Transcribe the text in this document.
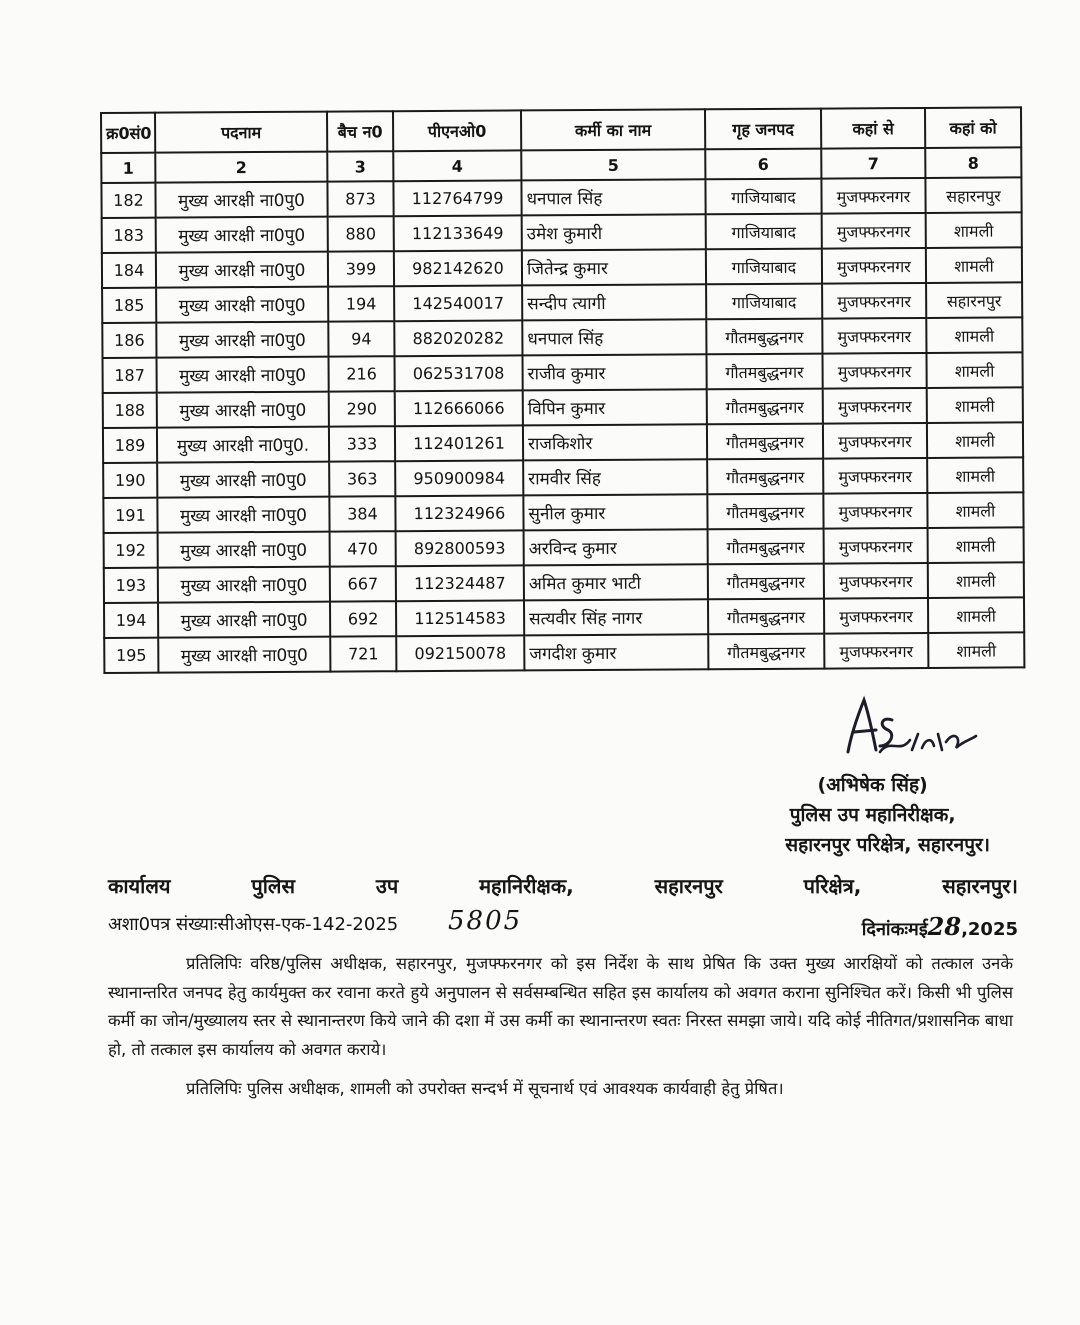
क्र0सं0	पदनाम	बैच न0	पीएनओ0	कर्मी का नाम	गृह जनपद	कहां से	कहां को
1	2	3	4	5	6	7	8
182	मुख्य आरक्षी ना0पु0	873	112764799	धनपाल सिंह	गाजियाबाद	मुजफ्फरनगर	सहारनपुर
183	मुख्य आरक्षी ना0पु0	880	112133649	उमेश कुमारी	गाजियाबाद	मुजफ्फरनगर	शामली
184	मुख्य आरक्षी ना0पु0	399	982142620	जितेन्द्र कुमार	गाजियाबाद	मुजफ्फरनगर	शामली
185	मुख्य आरक्षी ना0पु0	194	142540017	सन्दीप त्यागी	गाजियाबाद	मुजफ्फरनगर	सहारनपुर
186	मुख्य आरक्षी ना0पु0	94	882020282	धनपाल सिंह	गौतमबुद्धनगर	मुजफ्फरनगर	शामली
187	मुख्य आरक्षी ना0पु0	216	062531708	राजीव कुमार	गौतमबुद्धनगर	मुजफ्फरनगर	शामली
188	मुख्य आरक्षी ना0पु0	290	112666066	विपिन कुमार	गौतमबुद्धनगर	मुजफ्फरनगर	शामली
189	मुख्य आरक्षी ना0पु0.	333	112401261	राजकिशोर	गौतमबुद्धनगर	मुजफ्फरनगर	शामली
190	मुख्य आरक्षी ना0पु0	363	950900984	रामवीर सिंह	गौतमबुद्धनगर	मुजफ्फरनगर	शामली
191	मुख्य आरक्षी ना0पु0	384	112324966	सुनील कुमार	गौतमबुद्धनगर	मुजफ्फरनगर	शामली
192	मुख्य आरक्षी ना0पु0	470	892800593	अरविन्द कुमार	गौतमबुद्धनगर	मुजफ्फरनगर	शामली
193	मुख्य आरक्षी ना0पु0	667	112324487	अमित कुमार भाटी	गौतमबुद्धनगर	मुजफ्फरनगर	शामली
194	मुख्य आरक्षी ना0पु0	692	112514583	सत्यवीर सिंह नागर	गौतमबुद्धनगर	मुजफ्फरनगर	शामली
195	मुख्य आरक्षी ना0पु0	721	092150078	जगदीश कुमार	गौतमबुद्धनगर	मुजफ्फरनगर	शामली
(अभिषेक सिंह)

पुलिस उप महानिरीक्षक,
सहारनपुर परिक्षेत्र, सहारनपुर।
कार्यालय	पुलिस	उप	महानिरीक्षक,	सहारनपुर	परिक्षेत्र,	सहारनपुर।
अशा0पत्र संख्याःसीओएस-एक-142-2025 5805	दिनांकःमई28,2025
प्रतिलिपिः वरिष्ठ/पुलिस अधीक्षक, सहारनपुर, मुजफ्फरनगर को इस निर्देश के साथ प्रेषित कि उक्त मुख्य आरक्षियों को तत्काल उनके स्थानान्तरित जनपद हेतु कार्यमुक्त कर रवाना करते हुये अनुपालन से सर्वसम्बन्धित सहित इस कार्यालय को अवगत कराना सुनिश्चित करें। किसी भी पुलिस कर्मी का जोन/मुख्यालय स्तर से स्थानान्तरण किये जाने की दशा में उस कर्मी का स्थानान्तरण स्वतः निरस्त समझा जाये। यदि कोई नीतिगत/प्रशासनिक बाधा हो, तो तत्काल इस कार्यालय को अवगत कराये।
प्रतिलिपिः पुलिस अधीक्षक, शामली को उपरोक्त सन्दर्भ में सूचनार्थ एवं आवश्यक कार्यवाही हेतु प्रेषित।
